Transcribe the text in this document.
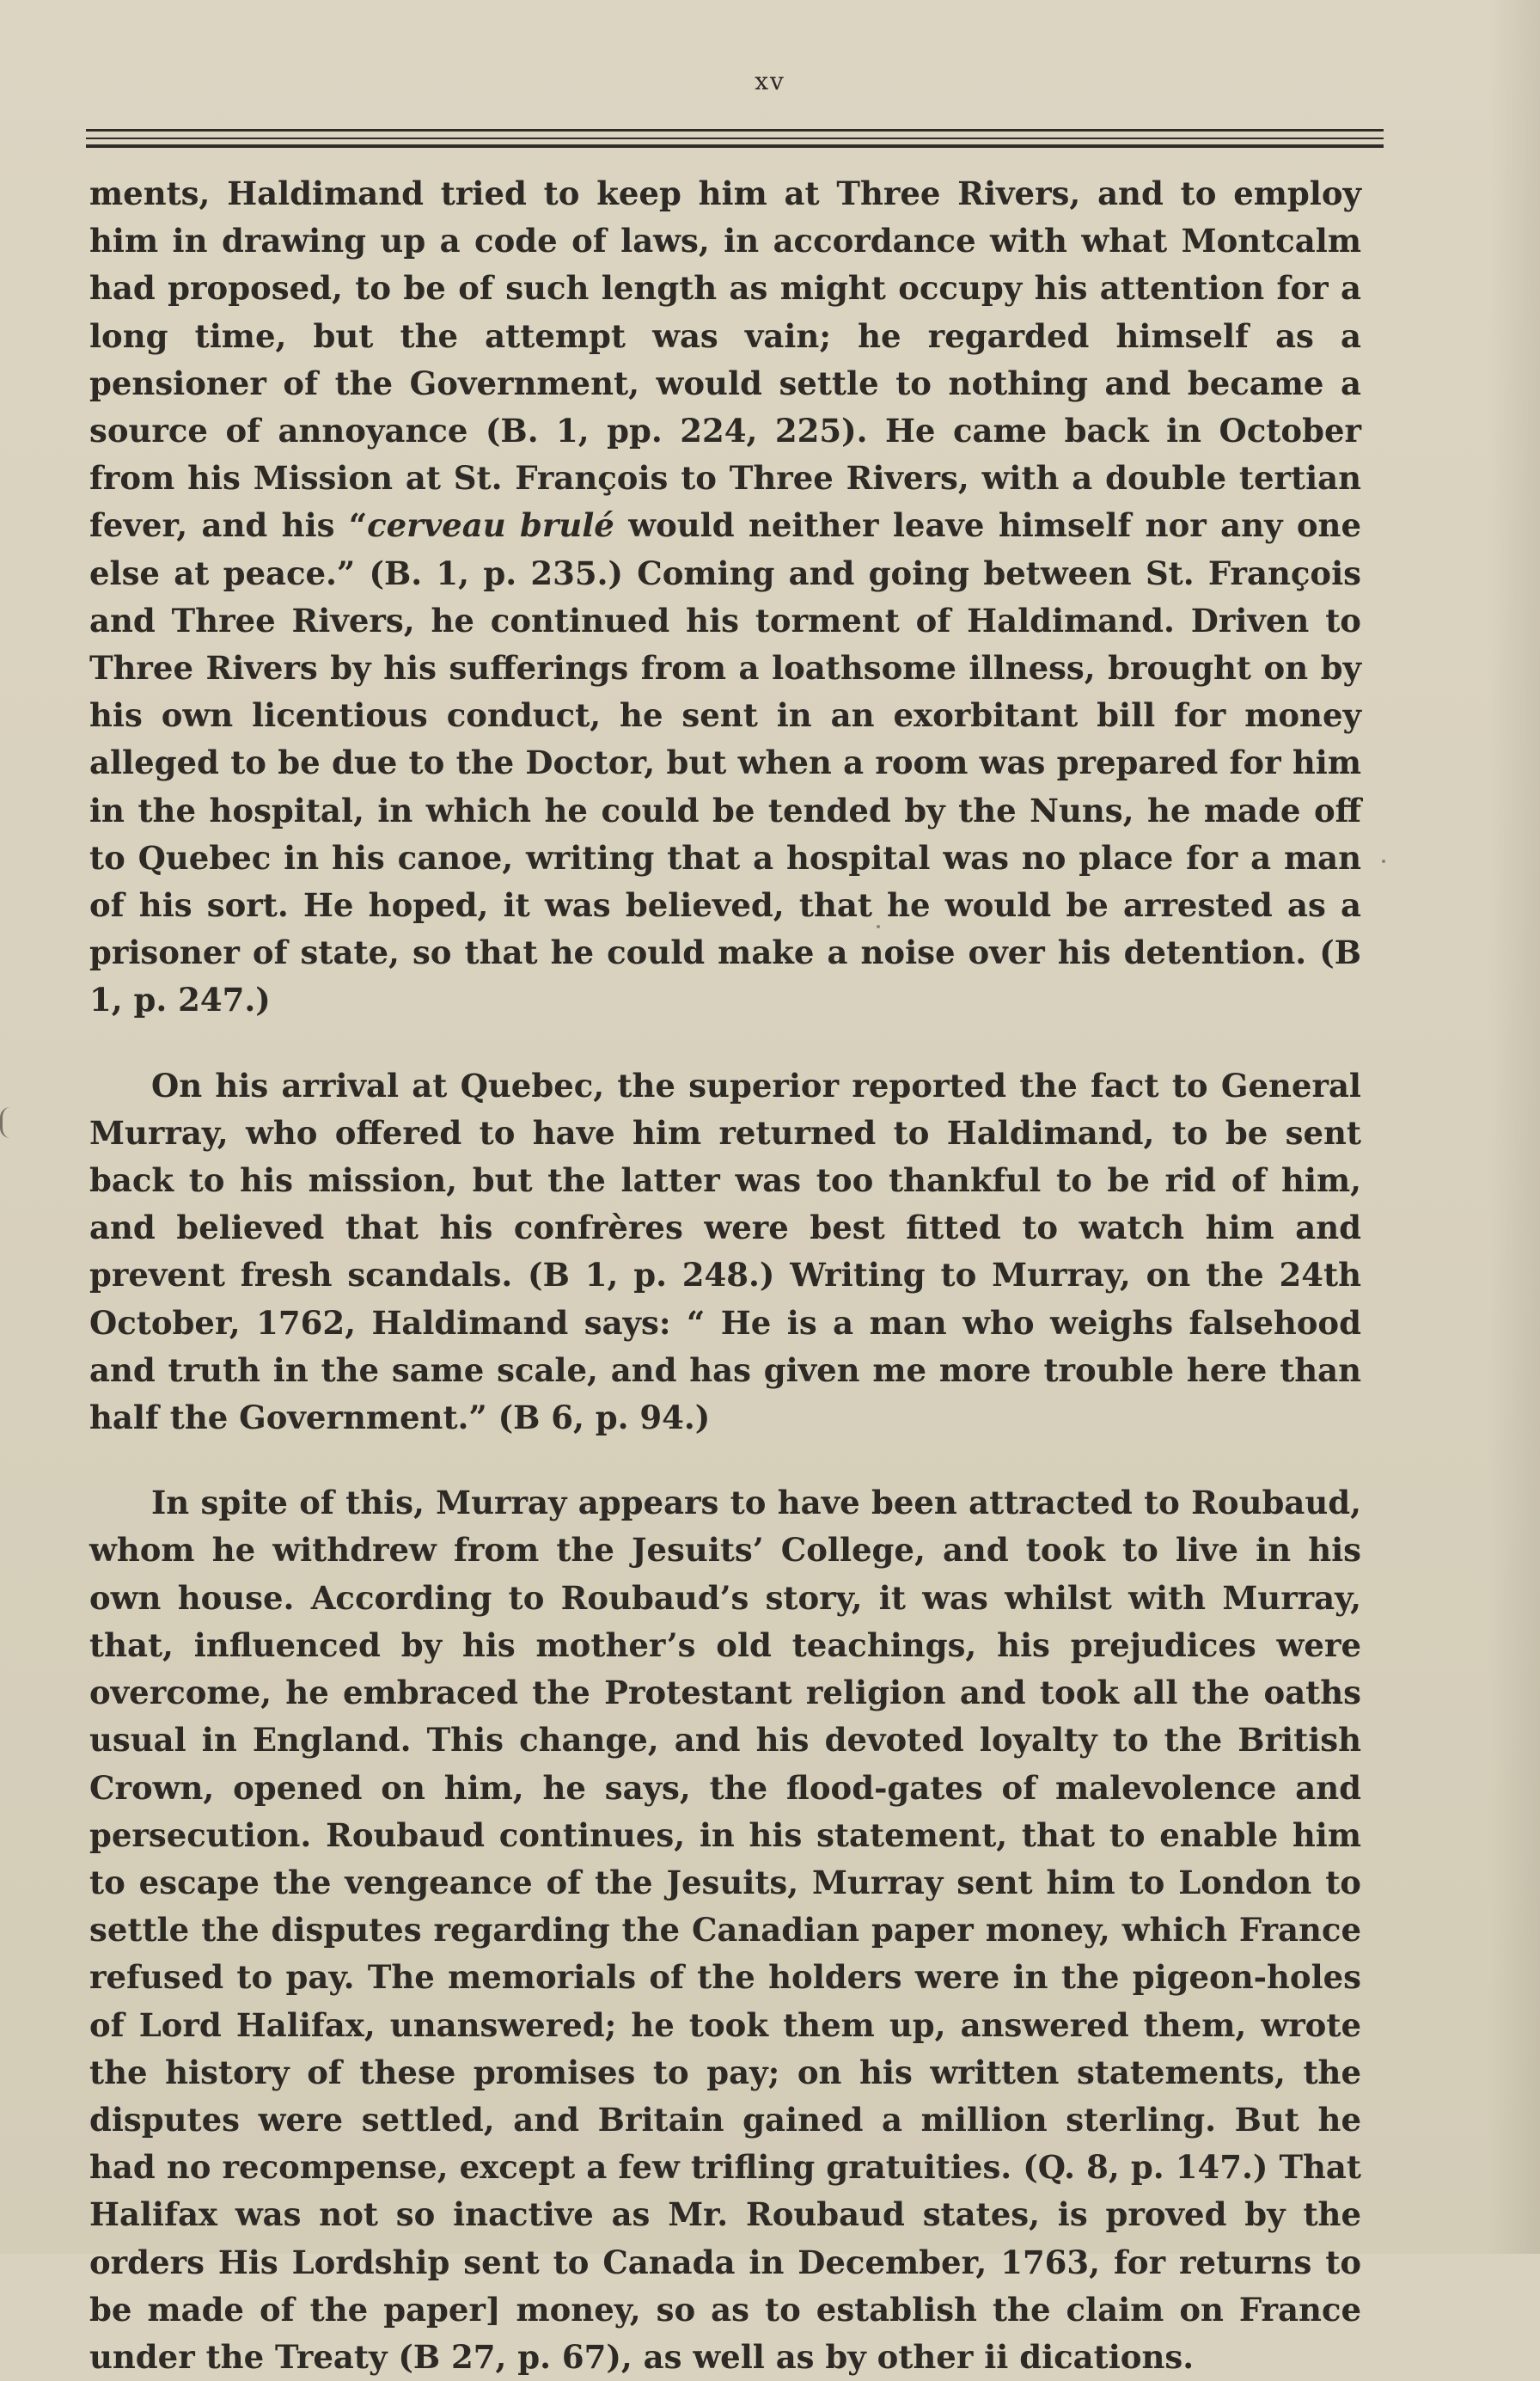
xv

ments, Haldimand tried to keep him at Three Rivers, and to employ him in drawing up a code of laws, in accordance with what Montcalm had proposed, to be of such length as might occupy his attention for a long time, but the attempt was vain; he regarded himself as a pensioner of the Government, would settle to nothing and became a source of annoyance (B. 1, pp. 224, 225). He came back in October from his Mission at St. François to Three Rivers, with a double tertian fever, and his “cerveau brulé would neither leave himself nor any one else at peace.” (B. 1, p. 235.) Coming and going between St. François and Three Rivers, he continued his torment of Haldimand. Driven to Three Rivers by his sufferings from a loathsome illness, brought on by his own licentious conduct, he sent in an exorbitant bill for money alleged to be due to the Doctor, but when a room was prepared for him in the hospital, in which he could be tended by the Nuns, he made off to Quebec in his canoe, writing that a hospital was no place for a man of his sort. He hoped, it was believed, that he would be arrested as a prisoner of state, so that he could make a noise over his detention. (B 1, p. 247.)

On his arrival at Quebec, the superior reported the fact to General Murray, who offered to have him returned to Haldimand, to be sent back to his mission, but the latter was too thankful to be rid of him, and believed that his confrères were best fitted to watch him and prevent fresh scandals. (B 1, p. 248.) Writing to Murray, on the 24th October, 1762, Haldimand says: “ He is a man who weighs falsehood and truth in the same scale, and has given me more trouble here than half the Government.” (B 6, p. 94.)

In spite of this, Murray appears to have been attracted to Roubaud, whom he withdrew from the Jesuits’ College, and took to live in his own house. According to Roubaud’s story, it was whilst with Murray, that, influenced by his mother’s old teachings, his prejudices were overcome, he embraced the Protestant religion and took all the oaths usual in England. This change, and his devoted loyalty to the British Crown, opened on him, he says, the flood-gates of malevolence and persecution. Roubaud continues, in his statement, that to enable him to escape the vengeance of the Jesuits, Murray sent him to London to settle the disputes regarding the Canadian paper money, which France refused to pay. The memorials of the holders were in the pigeon-holes of Lord Halifax, unanswered; he took them up, answered them, wrote the history of these promises to pay; on his written statements, the disputes were settled, and Britain gained a million sterling. But he had no recompense, except a few trifling gratuities. (Q. 8, p. 147.) That Halifax was not so inactive as Mr. Roubaud states, is proved by the orders His Lordship sent to Canada in December, 1763, for returns to be made of the paper] money, so as to establish the claim on France under the Treaty (B 27, p. 67), as well as by other ii dications.
